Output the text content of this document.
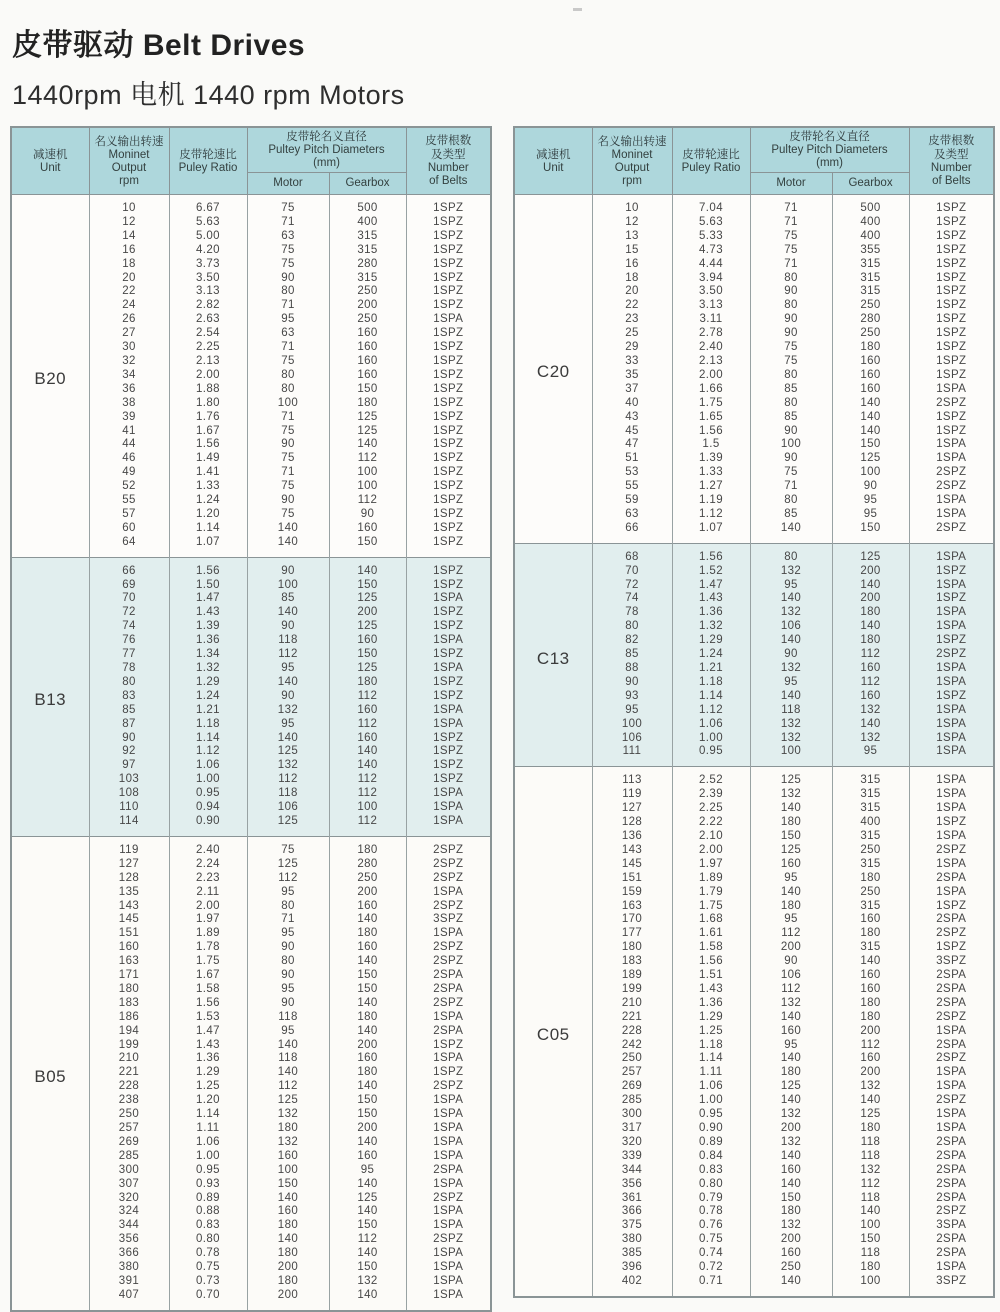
皮带驱动 Belt Drives
1440rpm 电机 1440 rpm Motors
减速机
Unit

名义输出转速
Moninet
Output
rpm

皮带轮速比
Puley Ratio

皮带轮名义直径
Pultey Pitch Diameters
(mm)

皮带根数
及类型
Number
of Belts

			Motor	Gearbox	

B20	10	6.67	75	500	1SPZ
	12	5.63	71	400	1SPZ
	14	5.00	63	315	1SPZ
	16	4.20	75	315	1SPZ
	18	3.73	75	280	1SPZ
	20	3.50	90	315	1SPZ
	22	3.13	80	250	1SPZ
	24	2.82	71	200	1SPZ
	26	2.63	95	250	1SPA
	27	2.54	63	160	1SPZ
	30	2.25	71	160	1SPZ
	32	2.13	75	160	1SPZ
	34	2.00	80	160	1SPZ
	36	1.88	80	150	1SPZ
	38	1.80	100	180	1SPZ
	39	1.76	71	125	1SPZ
	41	1.67	75	125	1SPZ
	44	1.56	90	140	1SPZ
	46	1.49	75	112	1SPZ
	49	1.41	71	100	1SPZ
	52	1.33	75	100	1SPZ
	55	1.24	90	112	1SPZ
	57	1.20	75	90	1SPZ
	60	1.14	140	160	1SPZ
	64	1.07	140	150	1SPZ
B13	66	1.56	90	140	1SPZ
	69	1.50	100	150	1SPZ
	70	1.47	85	125	1SPA
	72	1.43	140	200	1SPZ
	74	1.39	90	125	1SPZ
	76	1.36	118	160	1SPA
	77	1.34	112	150	1SPZ
	78	1.32	95	125	1SPA
	80	1.29	140	180	1SPZ
	83	1.24	90	112	1SPZ
	85	1.21	132	160	1SPA
	87	1.18	95	112	1SPA
	90	1.14	140	160	1SPZ
	92	1.12	125	140	1SPZ
	97	1.06	132	140	1SPZ
	103	1.00	112	112	1SPZ
	108	0.95	118	112	1SPA
	110	0.94	106	100	1SPA
	114	0.90	125	112	1SPA
B05	119	2.40	75	180	2SPZ
	127	2.24	125	280	2SPZ
	128	2.23	112	250	2SPZ
	135	2.11	95	200	1SPA
	143	2.00	80	160	2SPZ
	145	1.97	71	140	3SPZ
	151	1.89	95	180	1SPA
	160	1.78	90	160	2SPZ
	163	1.75	80	140	2SPZ
	171	1.67	90	150	2SPA
	180	1.58	95	150	2SPA
	183	1.56	90	140	2SPZ
	186	1.53	118	180	1SPA
	194	1.47	95	140	2SPA
	199	1.43	140	200	1SPZ
	210	1.36	118	160	1SPA
	221	1.29	140	180	1SPZ
	228	1.25	112	140	2SPZ
	238	1.20	125	150	1SPA
	250	1.14	132	150	1SPA
	257	1.11	180	200	1SPA
	269	1.06	132	140	1SPA
	285	1.00	160	160	1SPA
	300	0.95	100	95	2SPA
	307	0.93	150	140	1SPA
	320	0.89	140	125	2SPZ
	324	0.88	160	140	1SPA
	344	0.83	180	150	1SPA
	356	0.80	140	112	2SPZ
	366	0.78	180	140	1SPA
	380	0.75	200	150	1SPA
	391	0.73	180	132	1SPA
	407	0.70	200	140	1SPA
减速机
Unit

名义输出转速
Moninet
Output
rpm

皮带轮速比
Puley Ratio

皮带轮名义直径
Pultey Pitch Diameters
(mm)

皮带根数
及类型
Number
of Belts

			Motor	Gearbox	

C20	10	7.04	71	500	1SPZ
	12	5.63	71	400	1SPZ
	13	5.33	75	400	1SPZ
	15	4.73	75	355	1SPZ
	16	4.44	71	315	1SPZ
	18	3.94	80	315	1SPZ
	20	3.50	90	315	1SPZ
	22	3.13	80	250	1SPZ
	23	3.11	90	280	1SPZ
	25	2.78	90	250	1SPZ
	29	2.40	75	180	1SPZ
	33	2.13	75	160	1SPZ
	35	2.00	80	160	1SPZ
	37	1.66	85	160	1SPA
	40	1.75	80	140	2SPZ
	43	1.65	85	140	1SPZ
	45	1.56	90	140	1SPZ
	47	1.5	100	150	1SPA
	51	1.39	90	125	1SPA
	53	1.33	75	100	2SPZ
	55	1.27	71	90	2SPZ
	59	1.19	80	95	1SPA
	63	1.12	85	95	1SPA
	66	1.07	140	150	2SPZ
C13	68	1.56	80	125	1SPA
	70	1.52	132	200	1SPZ
	72	1.47	95	140	1SPA
	74	1.43	140	200	1SPZ
	78	1.36	132	180	1SPA
	80	1.32	106	140	1SPA
	82	1.29	140	180	1SPZ
	85	1.24	90	112	2SPZ
	88	1.21	132	160	1SPA
	90	1.18	95	112	1SPA
	93	1.14	140	160	1SPZ
	95	1.12	118	132	1SPA
	100	1.06	132	140	1SPA
	106	1.00	132	132	1SPA
	111	0.95	100	95	1SPA
C05	113	2.52	125	315	1SPA
	119	2.39	132	315	1SPA
	127	2.25	140	315	1SPA
	128	2.22	180	400	1SPZ
	136	2.10	150	315	1SPA
	143	2.00	125	250	2SPZ
	145	1.97	160	315	1SPA
	151	1.89	95	180	2SPA
	159	1.79	140	250	1SPA
	163	1.75	180	315	1SPZ
	170	1.68	95	160	2SPA
	177	1.61	112	180	2SPZ
	180	1.58	200	315	1SPZ
	183	1.56	90	140	3SPZ
	189	1.51	106	160	2SPA
	199	1.43	112	160	2SPA
	210	1.36	132	180	2SPA
	221	1.29	140	180	2SPZ
	228	1.25	160	200	1SPA
	242	1.18	95	112	2SPA
	250	1.14	140	160	2SPZ
	257	1.11	180	200	1SPA
	269	1.06	125	132	1SPA
	285	1.00	140	140	2SPZ
	300	0.95	132	125	1SPA
	317	0.90	200	180	1SPA
	320	0.89	132	118	2SPA
	339	0.84	140	118	2SPA
	344	0.83	160	132	2SPA
	356	0.80	140	112	2SPA
	361	0.79	150	118	2SPA
	366	0.78	180	140	2SPZ
	375	0.76	132	100	3SPA
	380	0.75	200	150	2SPA
	385	0.74	160	118	2SPA
	396	0.72	250	180	1SPA
	402	0.71	140	100	3SPZ
